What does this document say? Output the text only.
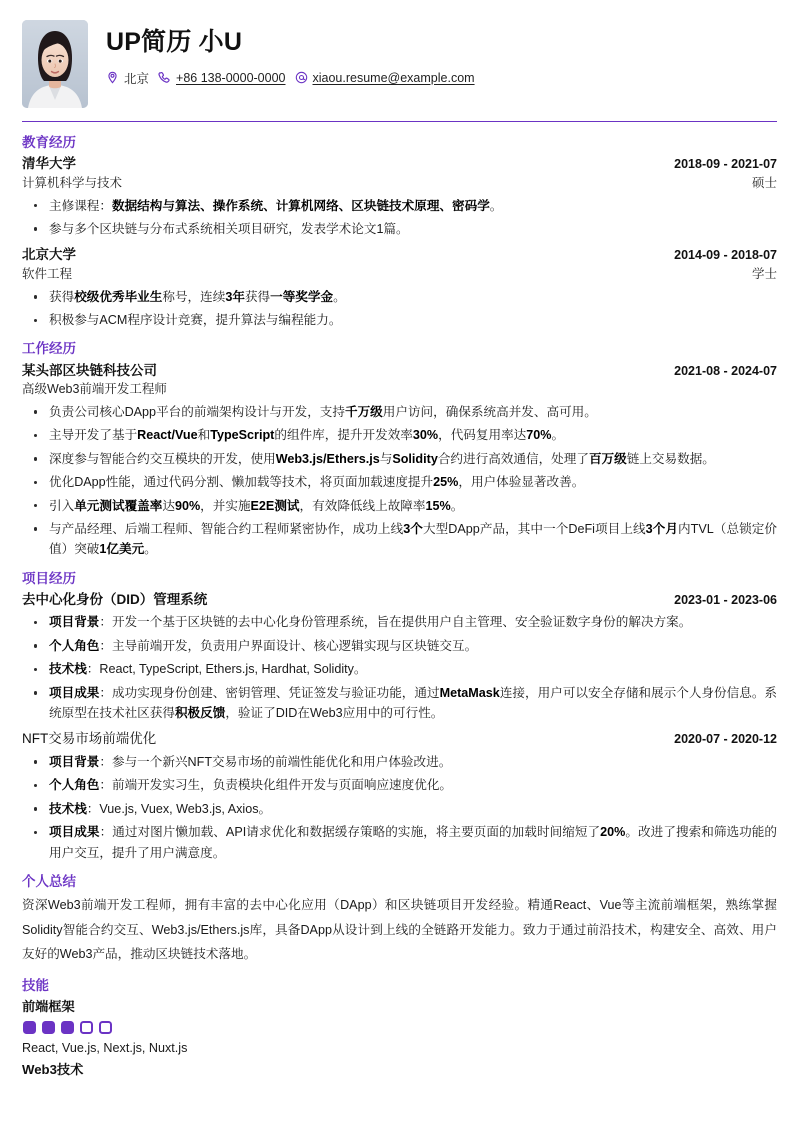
UP简历 小U
北京 +86 138-0000-0000 xiaou.resume@example.com
教育经历
清华大学	2018-09 - 2021-07
计算机科学与技术	硕士
主修课程：数据结构与算法、操作系统、计算机网络、区块链技术原理、密码学。
参与多个区块链与分布式系统相关项目研究，发表学术论文1篇。
北京大学	2014-09 - 2018-07
软件工程	学士
获得校级优秀毕业生称号，连续3年获得一等奖学金。
积极参与ACM程序设计竞赛，提升算法与编程能力。
工作经历
某头部区块链科技公司	2021-08 - 2024-07
高级Web3前端开发工程师
负责公司核心DApp平台的前端架构设计与开发，支持千万级用户访问，确保系统高并发、高可用。
主导开发了基于React/Vue和TypeScript的组件库，提升开发效率30%，代码复用率达70%。
深度参与智能合约交互模块的开发，使用Web3.js/Ethers.js与Solidity合约进行高效通信，处理了百万级链上交易数据。
优化DApp性能，通过代码分割、懒加载等技术，将页面加载速度提升25%，用户体验显著改善。
引入单元测试覆盖率达90%，并实施E2E测试，有效降低线上故障率15%。
与产品经理、后端工程师、智能合约工程师紧密协作，成功上线3个大型DApp产品，其中一个DeFi项目上线3个月内TVL（总锁定价值）突破1亿美元。
项目经历
去中心化身份（DID）管理系统	2023-01 - 2023-06
项目背景：开发一个基于区块链的去中心化身份管理系统，旨在提供用户自主管理、安全验证数字身份的解决方案。
个人角色：主导前端开发，负责用户界面设计、核心逻辑实现与区块链交互。
技术栈：React, TypeScript, Ethers.js, Hardhat, Solidity。
项目成果：成功实现身份创建、密钥管理、凭证签发与验证功能，通过MetaMask连接，用户可以安全存储和展示个人身份信息。系统原型在技术社区获得积极反馈，验证了DID在Web3应用中的可行性。
NFT交易市场前端优化	2020-07 - 2020-12
项目背景：参与一个新兴NFT交易市场的前端性能优化和用户体验改进。
个人角色：前端开发实习生，负责模块化组件开发与页面响应速度优化。
技术栈：Vue.js, Vuex, Web3.js, Axios。
项目成果：通过对图片懒加载、API请求优化和数据缓存策略的实施，将主要页面的加载时间缩短了20%。改进了搜索和筛选功能的用户交互，提升了用户满意度。
个人总结

资深Web3前端开发工程师，拥有丰富的去中心化应用（DApp）和区块链项目开发经验。精通React、Vue等主流前端框架，熟练掌握Solidity智能合约交互、Web3.js/Ethers.js库，具备DApp从设计到上线的全链路开发能力。致力于通过前沿技术，构建安全、高效、用户友好的Web3产品，推动区块链技术落地。

技能
前端框架

React, Vue.js, Next.js, Nuxt.js

Web3技术
